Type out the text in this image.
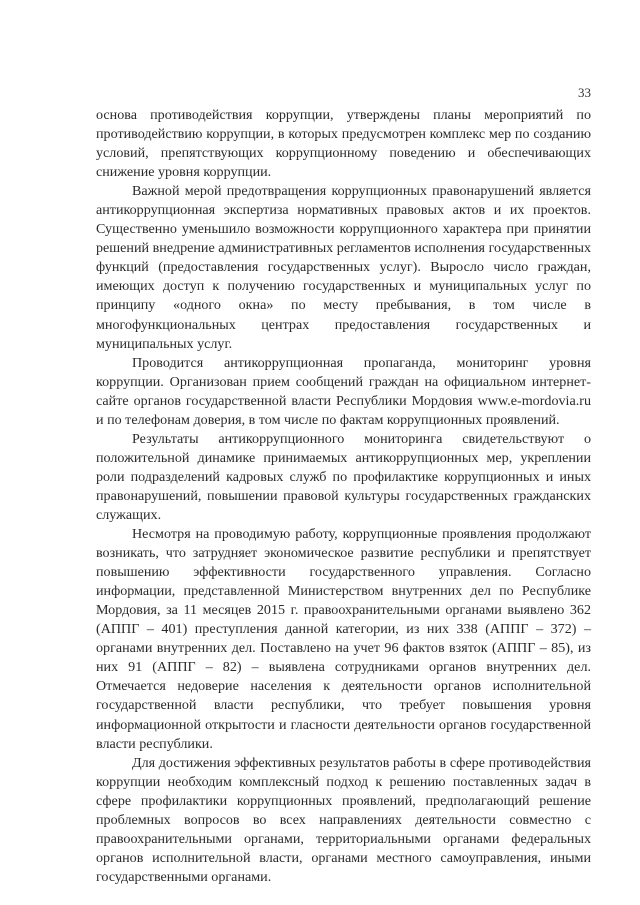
33

основа противодействия коррупции, утверждены планы мероприятий по противодействию коррупции, в которых предусмотрен комплекс мер по созданию условий, препятствующих коррупционному поведению и обеспечивающих снижение уровня коррупции.

Важной мерой предотвращения коррупционных правонарушений является антикоррупционная экспертиза нормативных правовых актов и их проектов. Существенно уменьшило возможности коррупционного характера при принятии решений внедрение административных регламентов исполнения государственных функций (предоставления государственных услуг). Выросло число граждан, имеющих доступ к получению государственных и муниципальных услуг по принципу «одного окна» по месту пребывания, в том числе в многофункциональных центрах предоставления государственных и муниципальных услуг.

Проводится антикоррупционная пропаганда, мониторинг уровня коррупции. Организован прием сообщений граждан на официальном интернет-сайте органов государственной власти Республики Мордовия www.e-mordovia.ru и по телефонам доверия, в том числе по фактам коррупционных проявлений.

Результаты антикоррупционного мониторинга свидетельствуют о положительной динамике принимаемых антикоррупционных мер, укреплении роли подразделений кадровых служб по профилактике коррупционных и иных правонарушений, повышении правовой культуры государственных гражданских служащих.

Несмотря на проводимую работу, коррупционные проявления продолжают возникать, что затрудняет экономическое развитие республики и препятствует повышению эффективности государственного управления. Согласно информации, представленной Министерством внутренних дел по Республике Мордовия, за 11 месяцев 2015 г. правоохранительными органами выявлено 362 (АППГ – 401) преступления данной категории, из них 338 (АППГ – 372) – органами внутренних дел. Поставлено на учет 96 фактов взяток (АППГ – 85), из них 91 (АППГ – 82) – выявлена сотрудниками органов внутренних дел. Отмечается недоверие населения к деятельности органов исполнительной государственной власти республики, что требует повышения уровня информационной открытости и гласности деятельности органов государственной власти республики.

Для достижения эффективных результатов работы в сфере противодействия коррупции необходим комплексный подход к решению поставленных задач в сфере профилактики коррупционных проявлений, предполагающий решение проблемных вопросов во всех направлениях деятельности совместно с правоохранительными органами, территориальными органами федеральных органов исполнительной власти, органами местного самоуправления, иными государственными органами.
